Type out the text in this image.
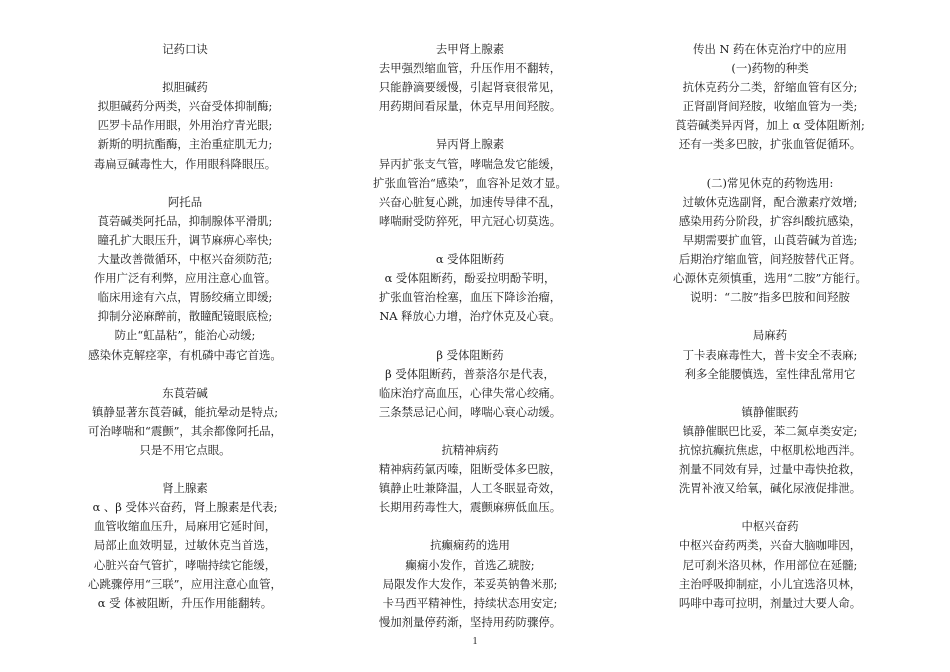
记药口诀
拟胆碱药
拟胆碱药分两类，兴奋受体抑制酶;
匹罗卡品作用眼，外用治疗青光眼;
新斯的明抗酯酶，主治重症肌无力;
毒扁豆碱毒性大，作用眼科降眼压。
阿托品
莨菪碱类阿托品，抑制腺体平滑肌;
瞳孔扩大眼压升，调节麻痹心率快;
大量改善微循环，中枢兴奋须防范;
作用广泛有利弊，应用注意心血管。
临床用途有六点，胃肠绞痛立即缓;
抑制分泌麻醉前，散瞳配镜眼底检;
防止“虹晶粘”，能治心动缓;
感染休克解痉挛，有机磷中毒它首选。
东莨菪碱
镇静显著东莨菪碱，能抗晕动是特点;
可治哮喘和“震颤”，其余都像阿托品，
只是不用它点眼。
肾上腺素
α 、β 受体兴奋药，肾上腺素是代表;
血管收缩血压升，局麻用它延时间，
局部止血效明显，过敏休克当首选，
心脏兴奋气管扩，哮喘持续它能缓，
心跳骤停用“三联”，应用注意心血管，
α 受 体被阻断，升压作用能翻转。
去甲肾上腺素
去甲强烈缩血管，升压作用不翻转，
只能静滴要缓慢，引起肾衰很常见，
用药期间看尿量，休克早用间羟胺。
异丙肾上腺素
异丙扩张支气管，哮喘急发它能缓，
扩张血管治“感染”，血容补足效才显。
兴奋心脏复心跳，加速传导律不乱，
哮喘耐受防猝死，甲亢冠心切莫选。
α 受体阻断药
α 受体阻断药，酚妥拉明酚苄明，
扩张血管治栓塞，血压下降诊治瘤，
NA 释放心力增，治疗休克及心衰。
β 受体阻断药
β 受体阻断药，普萘洛尔是代表，
临床治疗高血压，心律失常心绞痛。
三条禁忌记心间，哮喘心衰心动缓。
抗精神病药
精神病药氯丙嗪，阻断受体多巴胺，
镇静止吐兼降温，人工冬眠显奇效，
长期用药毒性大，震颤麻痹低血压。
抗癫痫药的选用
癫痫小发作，首选乙琥胺;
局限发作大发作，苯妥英钠鲁米那;
卡马西平精神性，持续状态用安定;
慢加剂量停药渐，坚持用药防骤停。
传出 N 药在休克治疗中的应用
(一)药物的种类
抗休克药分二类，舒缩血管有区分;
正肾副肾间羟胺，收缩血管为一类;
莨菪碱类异丙肾，加上 α 受体阻断剂;
还有一类多巴胺，扩张血管促循环。
(二)常见休克的药物选用:
过敏休克选副肾，配合激素疗效增;
感染用药分阶段，扩容纠酸抗感染，
早期需要扩血管，山莨菪碱为首选;
后期治疗缩血管，间羟胺替代正肾。
心源休克须慎重，选用“二胺”方能行。
说明：“二胺”指多巴胺和间羟胺
局麻药
丁卡表麻毒性大，普卡安全不表麻;
利多全能腰慎选，室性律乱常用它
镇静催眠药
镇静催眠巴比妥，苯二氮卓类安定;
抗惊抗癫抗焦虑，中枢肌松地西泮。
剂量不同效有异，过量中毒快抢救，
洗胃补液又给氧，碱化尿液促排泄。
中枢兴奋药
中枢兴奋药两类，兴奋大脑咖啡因，
尼可刹米洛贝林，作用部位在延髓;
主治呼吸抑制症，小儿宜选洛贝林，
吗啡中毒可拉明，剂量过大要人命。
1
